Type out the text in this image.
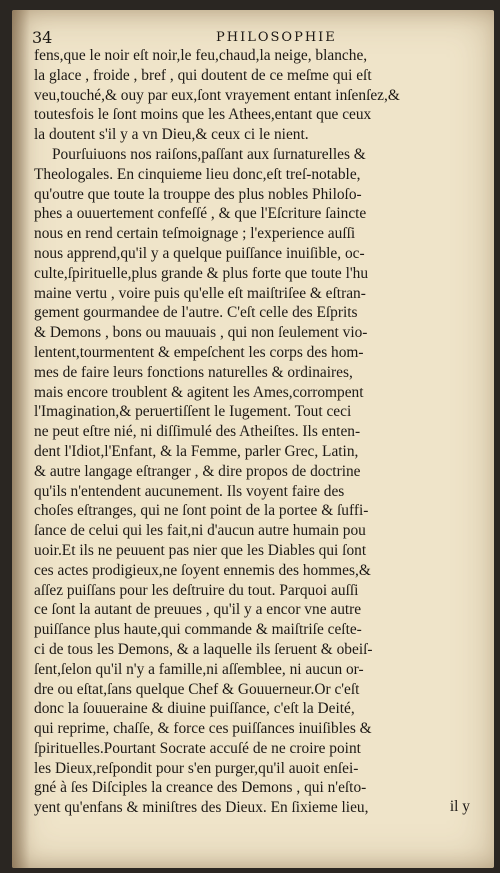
34	PHILOSOPHIE
fens,que le noir eſt noir,le feu,chaud,la neige, blanche,
la glace , froide , bref , qui doutent de ce meſme qui eſt
veu,touché,& ouy par eux,ſont vrayement entant inſenſez,&
toutesfois le ſont moins que les Athees,entant que ceux
la doutent s'il y a vn Dieu,& ceux ci le nient.
Pourſuiuons nos raiſons,paſſant aux ſurnaturelles &
Theologales. En cinquieme lieu donc,eſt treſ-notable,
qu'outre que toute la trouppe des plus nobles Philoſo-
phes a ouuertement confeſſé , & que l'Eſcriture ſaincte
nous en rend certain teſmoignage ; l'experience auſſi
nous apprend,qu'il y a quelque puiſſance inuiſible, oc-
culte,ſpirituelle,plus grande & plus forte que toute l'hu
maine vertu , voire puis qu'elle eſt maiſtriſee & eſtran-
gement gourmandee de l'autre. C'eſt celle des Eſprits
& Demons , bons ou mauuais , qui non ſeulement vio-
lentent,tourmentent & empeſchent les corps des hom-
mes de faire leurs fonctions naturelles & ordinaires,
mais encore troublent & agitent les Ames,corrompent
l'Imagination,& peruertiſſent le Iugement. Tout ceci
ne peut eſtre nié, ni diſſimulé des Atheiſtes. Ils enten-
dent l'Idiot,l'Enfant, & la Femme, parler Grec, Latin,
& autre langage eſtranger , & dire propos de doctrine
qu'ils n'entendent aucunement. Ils voyent faire des
choſes eſtranges, qui ne ſont point de la portee & ſuffi-
ſance de celui qui les fait,ni d'aucun autre humain pou
uoir.Et ils ne peuuent pas nier que les Diables qui ſont
ces actes prodigieux,ne ſoyent ennemis des hommes,&
aſſez puiſſans pour les deſtruire du tout. Parquoi auſſi
ce ſont la autant de preuues , qu'il y a encor vne autre
puiſſance plus haute,qui commande & maiſtriſe ceſte-
ci de tous les Demons, & a laquelle ils ſeruent & obeiſ-
ſent,ſelon qu'il n'y a famille,ni aſſemblee, ni aucun or-
dre ou eſtat,ſans quelque Chef & Gouuerneur.Or c'eſt
donc la ſouueraine & diuine puiſſance, c'eſt la Deité,
qui reprime, chaſſe, & force ces puiſſances inuiſibles &
ſpirituelles.Pourtant Socrate accuſé de ne croire point
les Dieux,reſpondit pour s'en purger,qu'il auoit enſei-
gné à ſes Diſciples la creance des Demons , qui n'eſto-
yent qu'enfans & miniſtres des Dieux. En ſixieme lieu,	il y
